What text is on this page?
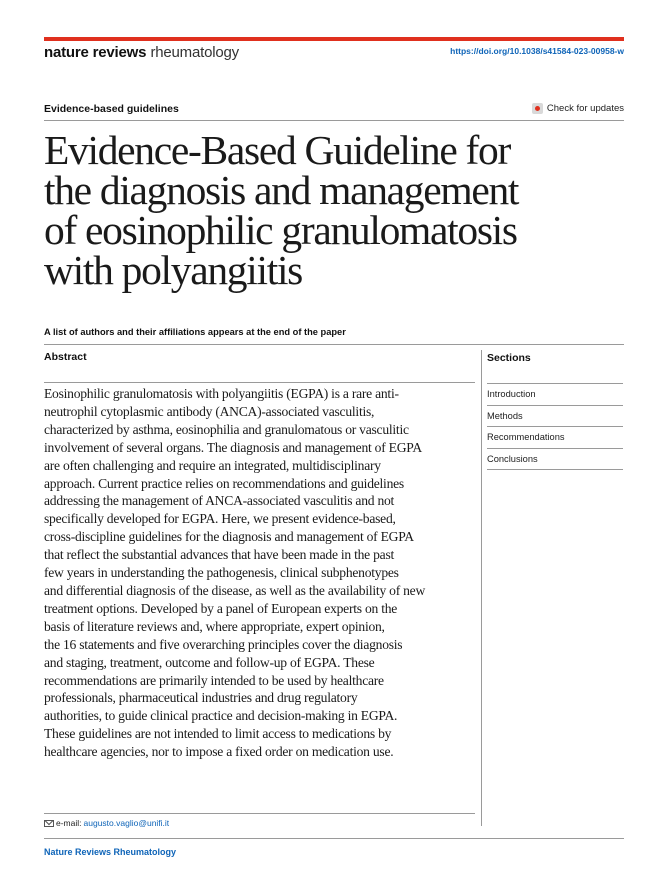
nature reviews rheumatology	https://doi.org/10.1038/s41584-023-00958-w
Evidence-based guidelines	Check for updates
Evidence-Based Guideline for
the diagnosis and management
of eosinophilic granulomatosis
with polyangiitis
A list of authors and their affiliations appears at the end of the paper
Abstract	Sections

Eosinophilic granulomatosis with polyangiitis (EGPA) is a rare anti-
neutrophil cytoplasmic antibody (ANCA)-associated vasculitis,
characterized by asthma, eosinophilia and granulomatous or vasculitic
involvement of several organs. The diagnosis and management of EGPA
are often challenging and require an integrated, multidisciplinary
approach. Current practice relies on recommendations and guidelines
addressing the management of ANCA-associated vasculitis and not
specifically developed for EGPA. Here, we present evidence-based,
cross-discipline guidelines for the diagnosis and management of EGPA
that reflect the substantial advances that have been made in the past
few years in understanding the pathogenesis, clinical subphenotypes
and differential diagnosis of the disease, as well as the availability of new
treatment options. Developed by a panel of European experts on the
basis of literature reviews and, where appropriate, expert opinion,
the 16 statements and five overarching principles cover the diagnosis
and staging, treatment, outcome and follow-up of EGPA. These
recommendations are primarily intended to be used by healthcare
professionals, pharmaceutical industries and drug regulatory
authorities, to guide clinical practice and decision-making in EGPA.
These guidelines are not intended to limit access to medications by
healthcare agencies, nor to impose a fixed order on medication use.

Introduction
Methods
Recommendations
Conclusions
e-mail: augusto.vaglio@unifi.it
Nature Reviews Rheumatology
